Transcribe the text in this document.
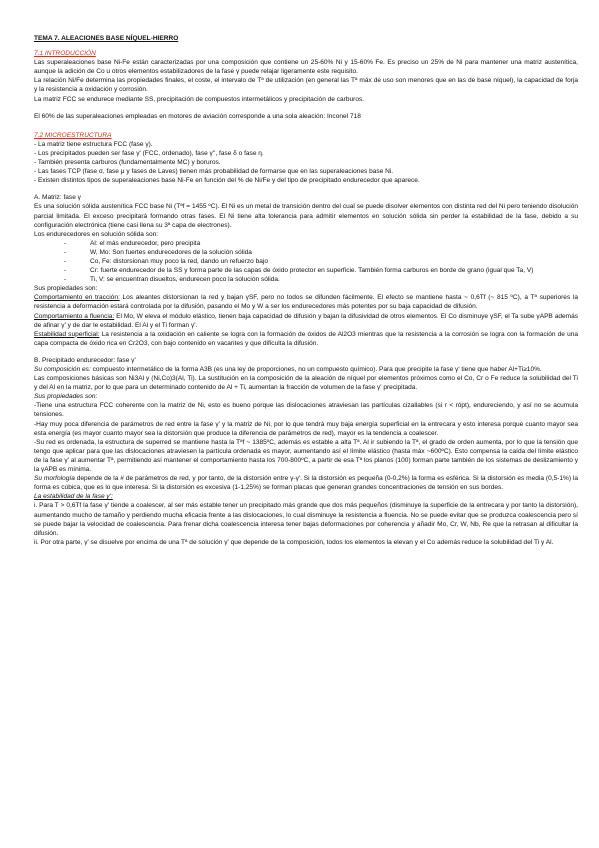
TEMA 7. ALEACIONES BASE NÍQUEL-HIERRO
7.1 INTRODUCCIÓN

Las superaleaciones base Ni-Fe están caracterizadas por una composición que contiene un 25-60% Ni y 15-60% Fe. Es preciso un 25% de Ni para mantener una matriz austenítica, aunque la adición de Co u otros elementos estabilizadores de la fase γ puede relajar ligeramente este requisito.

La relación Ni/Fe determina las propiedades finales, el coste, el intervalo de Tª de utilización (en general las Tª máx de uso son menores que en las de base níquel), la capacidad de forja y la resistencia a oxidación y corrosión.

La matriz FCC se endurece mediante SS, precipitación de compuestos intermetálicos y precipitación de carburos.

El 60% de las superaleaciones empleadas en motores de aviación corresponde a una sola aleación: Inconel 718

7.2 MICROESTRUCTURA
- La matriz tiene estructura FCC (fase γ).
- Los precipitados pueden ser fase γ' (FCC, ordenado), fase γ'', fase δ o fase η.
- También presenta carburos (fundamentalmente MC) y boruros.
- Las fases TCP (fase σ, fase μ y fases de Laves) tienen más probabilidad de formarse que en las superaleaciones base Ni.
- Existen distintos tipos de superaleaciones base Ni-Fe en función del % de Ni/Fe y del tipo de precipitado endurecedor que aparece.
A. Matriz: fase γ

Es una solución sólida austenítica FCC base Ni (Tªf = 1455 ºC). El Ni es un metal de transición dentro del cual se puede disolver elementos con distinta red del Ni pero teniendo disolución parcial limitada. El exceso precipitará formando otras fases. El Ni tiene alta tolerancia para admitir elementos en solución sólida sin perder la estabilidad de la fase, debido a su configuración electrónica (tiene casi llena su 3ª capa de electrones).

Los endurecedores en solución sólida son:

- Al: el más endurecedor, pero precipita
- W, Mo: Son fuertes endurecedores de la solución sólida
- Co, Fe: distorsionan muy poco la red, dando un refuerzo bajo
- Cr: fuerte endurecedor de la SS y forma parte de las capas de óxido protector en superficie. También forma carburos en borde de grano (igual que Ta, V)
- Ti, V: se encuentran disueltos, endurecen poco la solución sólida.

Sus propiedades son:

Comportamiento en tracción: Los aleantes distorsionan la red y bajan γSF, pero no todos se difunden fácilmente. El efecto se mantiene hasta ~ 0,6Tf (~ 815 ºC), a Tª superiores la resistencia a deformación estará controlada por la difusión, pasando el Mo y W a ser los endurecedores más potentes por su baja capacidad de difusión.

Comportamiento a fluencia: El Mo, W eleva el módulo elástico, tienen baja capacidad de difusión y bajan la difusividad de otros elementos. El Co disminuye γSF, el Ta sube γAPB además de afinar γ' y de dar le estabilidad. El Al y el Ti forman γ'.

Estabilidad superficial: La resistencia a la oxidación en caliente se logra con la formación de óxidos de Al2O3 mientras que la resistencia a la corrosión se logra con la formación de una capa compacta de óxido rica en Cr2O3, con bajo contenido en vacantes y que dificulta la difusión.

B. Precipitado endurecedor: fase γ'

Su composición es: compuesto intermetálico de la forma A3B (es una ley de proporciones, no un compuesto químico). Para que precipite la fase γ' tiene que haber Al+Ti≥10%.

Las composiciones básicas son Ni3Al y (Ni,Co)3(Al, Ti). La sustitución en la composición de la aleación de níquel por elementos próximos como el Co, Cr o Fe reduce la solubilidad del Ti y del Al en la matriz, por lo que para un determinado contenido de Al + Ti, aumentan la fracción de volumen de la fase γ' precipitada.

Sus propiedades son:

-Tiene una estructura FCC coherente con la matriz de Ni, esto es bueno porque las dislocaciones atraviesan las partículas cizallables (si r < rópt), endureciendo, y así no se acumula tensiones.

-Hay muy poca diferencia de parámetros de red entre la fase γ' y la matriz de Ni, por lo que tendrá muy baja energía superficial en la entrecara y esto interesa porque cuanto mayor sea esta energía (es mayor cuanto mayor sea la distorsión que produce la diferencia de parámetros de red), mayor es la tendencia a coalescer.

-Su red es ordenada, la estructura de superred se mantiene hasta la Tªf ~ 1385ºC, además es estable a alta Tª. Al ir subiendo la Tª, el grado de orden aumenta, por lo que la tensión que tengo que aplicar para que las dislocaciones atraviesen la partícula ordenada es mayor, aumentando así el límite elástico (hasta máx ~600ºC). Esto compensa la caída del límite elástico de la fase γ' al aumentar Tª, permitiendo así mantener el comportamiento hasta los 700-800ºC, a partir de esa Tª los planos (100) forman parte también de los sistemas de deslizamiento y la γAPB es mínima.

Su morfología depende de la # de parámetros de red, y por tanto, de la distorsión entre γ-γ'. Si la distorsión es pequeña (0-0,2%) la forma es esférica. Si la distorsión es media (0,5-1%) la forma es cúbica, que es lo que interesa. Si la distorsión es excesiva (1-1,25%) se forman placas que generan grandes concentraciones de tensión en sus bordes.

La estabilidad de la fase γ':

i. Para T > 0,6Tf la fase γ' tiende a coalescer, al ser más estable tener un precipitado más grande que dos más pequeños (disminuye la superficie de la entrecara y por tanto la distorsión), aumentando mucho de tamaño y perdiendo mucha eficacia frente a las dislocaciones, lo cual disminuye la resistencia a fluencia. No se puede evitar que se produzca coalescencia pero sí se puede bajar la velocidad de coalescencia. Para frenar dicha coalescencia interesa tener bajas deformaciones por coherencia y añadir Mo, Cr, W, Nb, Re que la retrasan al dificultar la difusión.

ii. Por otra parte, γ' se disuelve por encima de una Tª de solución γ' que depende de la composición, todos los elementos la elevan y el Co además reduce la solubilidad del Ti y Al.
